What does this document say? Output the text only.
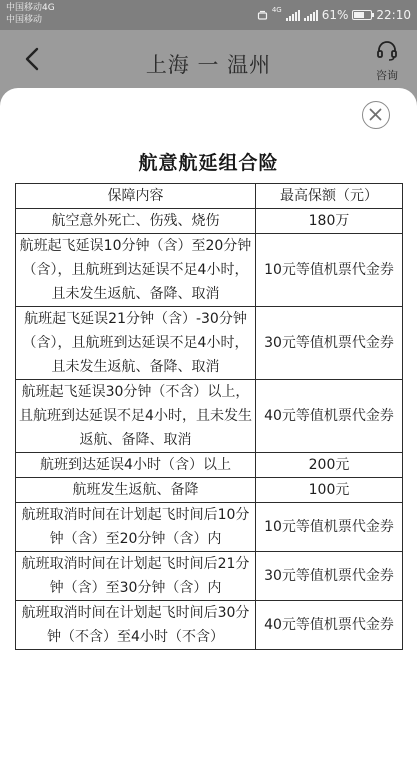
中国移动4G
中国移动
4G	61% 22:10
上海 一 温州	咨询
航意航延组合险
保障内容	最高保额（元）
航空意外死亡、伤残、烧伤	180万
航班起飞延误10分钟（含）至20分钟（含），且航班到达延误不足4小时，且未发生返航、备降、取消	10元等值机票代金券
航班起飞延误21分钟（含）-30分钟（含），且航班到达延误不足4小时，且未发生返航、备降、取消	30元等值机票代金券
航班起飞延误30分钟（不含）以上，且航班到达延误不足4小时，且未发生返航、备降、取消	40元等值机票代金券
航班到达延误4小时（含）以上	200元
航班发生返航、备降	100元
航班取消时间在计划起飞时间后10分钟（含）至20分钟（含）内	10元等值机票代金券
航班取消时间在计划起飞时间后21分钟（含）至30分钟（含）内	30元等值机票代金券
航班取消时间在计划起飞时间后30分钟（不含）至4小时（不含）	40元等值机票代金券
